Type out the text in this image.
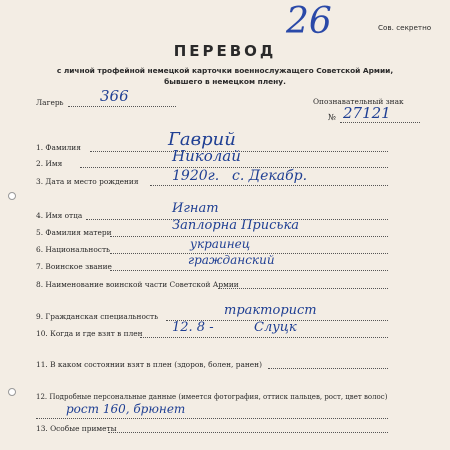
Сов. секретно
26
ПЕРЕВОД
с личной трофейной немецкой карточки военнослужащего Советской Армии,
бывшего в немецком плену.
Лагерь 366	Опознавательный знак
№ 27121
1. Фамилия	Гаврий
2. Имя	Николай
3. Дата и место рождения 1920г. с. Декабр.
4. Имя отца	Игнат
5. Фамилия матери	Заплорна Приська
6. Национальность	украинец
7. Воинское звание	гражданский
8. Наименование воинской части Советской Армии
9. Гражданская специальность	тракторист
10. Когда и где взят в плен 12. 8 -	Слуцк
11. В каком состоянии взят в плен (здоров, болен, ранен)
12. Подробные персональные данные (имеется фотография, оттиск пальцев, рост, цвет волос)
рост 160, брюнет
13. Особые приметы
